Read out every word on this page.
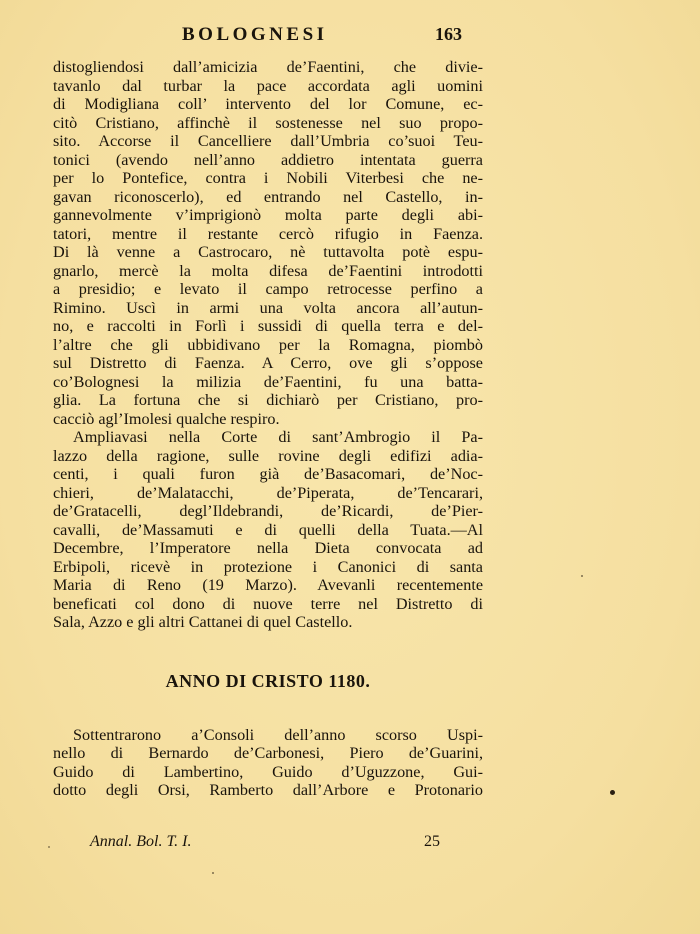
BOLOGNESI	163
distogliendosi dall’amicizia de’Faentini, che divie-
tavanlo dal turbar la pace accordata agli uomini
di Modigliana coll’ intervento del lor Comune, ec-
citò Cristiano, affinchè il sostenesse nel suo propo-
sito. Accorse il Cancelliere dall’Umbria co’suoi Teu-
tonici (avendo nell’anno addietro intentata guerra
per lo Pontefice, contra i Nobili Viterbesi che ne-
gavan riconoscerlo), ed entrando nel Castello, in-
gannevolmente v’imprigionò molta parte degli abi-
tatori, mentre il restante cercò rifugio in Faenza.
Di là venne a Castrocaro, nè tuttavolta potè espu-
gnarlo, mercè la molta difesa de’Faentini introdotti
a presidio; e levato il campo retrocesse perfino a
Rimino. Uscì in armi una volta ancora all’autun-
no, e raccolti in Forlì i sussidi di quella terra e del-
l’altre che gli ubbidivano per la Romagna, piombò
sul Distretto di Faenza. A Cerro, ove gli s’oppose
co’Bolognesi la milizia de’Faentini, fu una batta-
glia. La fortuna che si dichiarò per Cristiano, pro-
cacciò agl’Imolesi qualche respiro.
Ampliavasi nella Corte di sant’Ambrogio il Pa-
lazzo della ragione, sulle rovine degli edifizi adia-
centi, i quali furon già de’Basacomari, de’Noc-
chieri, de’Malatacchi, de’Piperata, de’Tencarari,
de’Gratacelli, degl’Ildebrandi, de’Ricardi, de’Pier-
cavalli, de’Massamuti e di quelli della Tuata.—Al
Decembre, l’Imperatore nella Dieta convocata ad
Erbipoli, ricevè in protezione i Canonici di santa
Maria di Reno (19 Marzo). Avevanli recentemente
beneficati col dono di nuove terre nel Distretto di
Sala, Azzo e gli altri Cattanei di quel Castello.
ANNO DI CRISTO 1180.
Sottentrarono a’Consoli dell’anno scorso Uspi-
nello di Bernardo de’Carbonesi, Piero de’Guarini,
Guido di Lambertino, Guido d’Uguzzone, Gui-
dotto degli Orsi, Ramberto dall’Arbore e Protonario
Annal. Bol. T. I.	25
